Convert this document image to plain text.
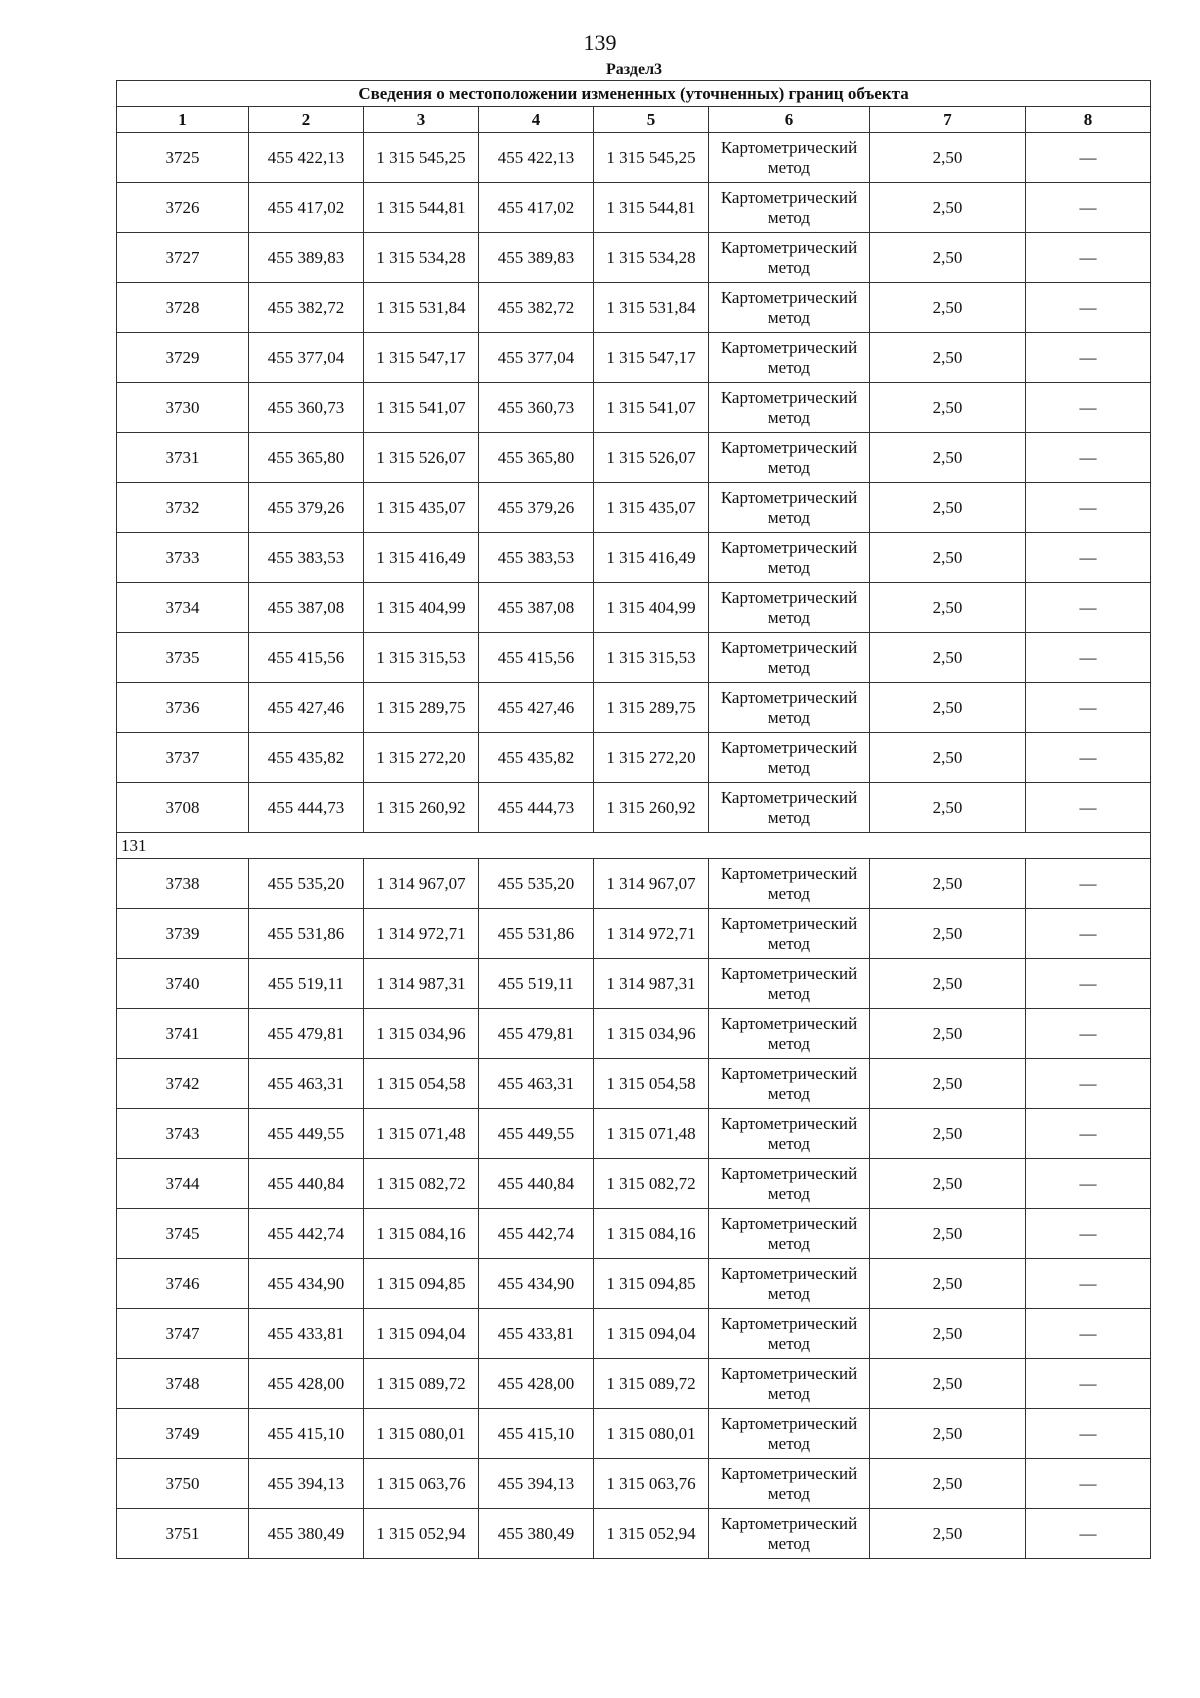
139
Раздел3
Сведения о местоположении измененных (уточненных) границ объекта							
1	2	3	4	5	6	7	8
3725	455 422,13	1 315 545,25	455 422,13	1 315 545,25	Картометрический метод	2,50	—
3726	455 417,02	1 315 544,81	455 417,02	1 315 544,81	Картометрический метод	2,50	—
3727	455 389,83	1 315 534,28	455 389,83	1 315 534,28	Картометрический метод	2,50	—
3728	455 382,72	1 315 531,84	455 382,72	1 315 531,84	Картометрический метод	2,50	—
3729	455 377,04	1 315 547,17	455 377,04	1 315 547,17	Картометрический метод	2,50	—
3730	455 360,73	1 315 541,07	455 360,73	1 315 541,07	Картометрический метод	2,50	—
3731	455 365,80	1 315 526,07	455 365,80	1 315 526,07	Картометрический метод	2,50	—
3732	455 379,26	1 315 435,07	455 379,26	1 315 435,07	Картометрический метод	2,50	—
3733	455 383,53	1 315 416,49	455 383,53	1 315 416,49	Картометрический метод	2,50	—
3734	455 387,08	1 315 404,99	455 387,08	1 315 404,99	Картометрический метод	2,50	—
3735	455 415,56	1 315 315,53	455 415,56	1 315 315,53	Картометрический метод	2,50	—
3736	455 427,46	1 315 289,75	455 427,46	1 315 289,75	Картометрический метод	2,50	—
3737	455 435,82	1 315 272,20	455 435,82	1 315 272,20	Картометрический метод	2,50	—
3708	455 444,73	1 315 260,92	455 444,73	1 315 260,92	Картометрический метод	2,50	—
131							
3738	455 535,20	1 314 967,07	455 535,20	1 314 967,07	Картометрический метод	2,50	—
3739	455 531,86	1 314 972,71	455 531,86	1 314 972,71	Картометрический метод	2,50	—
3740	455 519,11	1 314 987,31	455 519,11	1 314 987,31	Картометрический метод	2,50	—
3741	455 479,81	1 315 034,96	455 479,81	1 315 034,96	Картометрический метод	2,50	—
3742	455 463,31	1 315 054,58	455 463,31	1 315 054,58	Картометрический метод	2,50	—
3743	455 449,55	1 315 071,48	455 449,55	1 315 071,48	Картометрический метод	2,50	—
3744	455 440,84	1 315 082,72	455 440,84	1 315 082,72	Картометрический метод	2,50	—
3745	455 442,74	1 315 084,16	455 442,74	1 315 084,16	Картометрический метод	2,50	—
3746	455 434,90	1 315 094,85	455 434,90	1 315 094,85	Картометрический метод	2,50	—
3747	455 433,81	1 315 094,04	455 433,81	1 315 094,04	Картометрический метод	2,50	—
3748	455 428,00	1 315 089,72	455 428,00	1 315 089,72	Картометрический метод	2,50	—
3749	455 415,10	1 315 080,01	455 415,10	1 315 080,01	Картометрический метод	2,50	—
3750	455 394,13	1 315 063,76	455 394,13	1 315 063,76	Картометрический метод	2,50	—
3751	455 380,49	1 315 052,94	455 380,49	1 315 052,94	Картометрический метод	2,50	—
